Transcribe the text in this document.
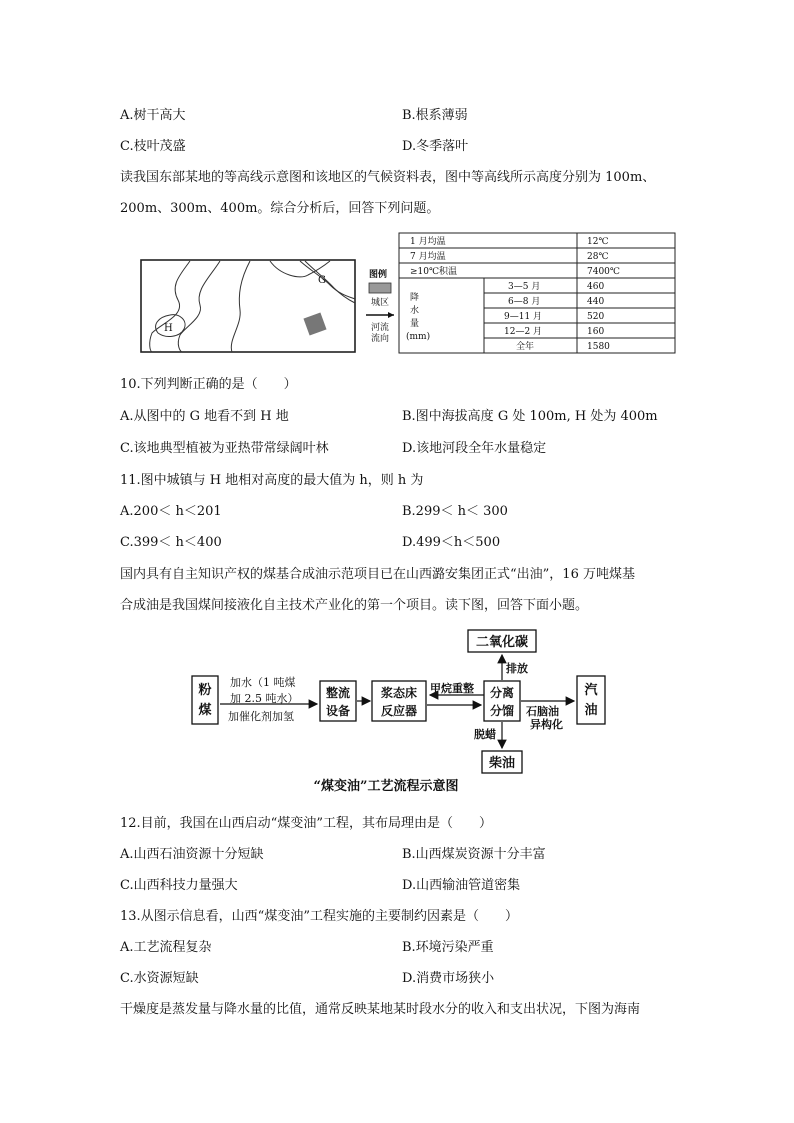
A.树干高大	B.根系薄弱
C.枝叶茂盛	D.冬季落叶
读我国东部某地的等高线示意图和该地区的气候资料表，图中等高线所示高度分别为 100m、
200m、300m、400m。综合分析后，回答下列问题。
G
H
图例
城区
河流
流向
1 月均温	12℃
7 月均温	28℃
≥10℃积温	7400℃
降
水
量
(mm)
3—5 月	460
6—8 月	440
9—11 月	520
12—2 月	160
全年	1580
10.下列判断正确的是（　　）
A.从图中的 G 地看不到 H 地	B.图中海拔高度 G 处 100m, H 处为 400m
C.该地典型植被为亚热带常绿阔叶林	D.该地河段全年水量稳定
11.图中城镇与 H 地相对高度的最大值为 h，则 h 为
A.200＜ h＜201	B.299＜ h＜ 300
C.399＜ h＜400	D.499＜h＜500
国内具有自主知识产权的煤基合成油示范项目已在山西潞安集团正式“出油”，16 万吨煤基
合成油是我国煤间接液化自主技术产业化的第一个项目。读下图，回答下面小题。
粉
煤
加水（1 吨煤
加 2.5 吨水）
加催化剂加氢
整流
设备
浆态床
反应器
甲烷重整 分离
分馏
二氧化碳
排放
脱蜡
柴油
石脑油
异构化
汽
油
“煤变油”工艺流程示意图
12.目前，我国在山西启动“煤变油”工程，其布局理由是（　　）
A.山西石油资源十分短缺	B.山西煤炭资源十分丰富
C.山西科技力量强大	D.山西输油管道密集
13.从图示信息看，山西“煤变油”工程实施的主要制约因素是（　　）
A.工艺流程复杂	B.环境污染严重
C.水资源短缺	D.消费市场狭小
干燥度是蒸发量与降水量的比值，通常反映某地某时段水分的收入和支出状况，下图为海南
